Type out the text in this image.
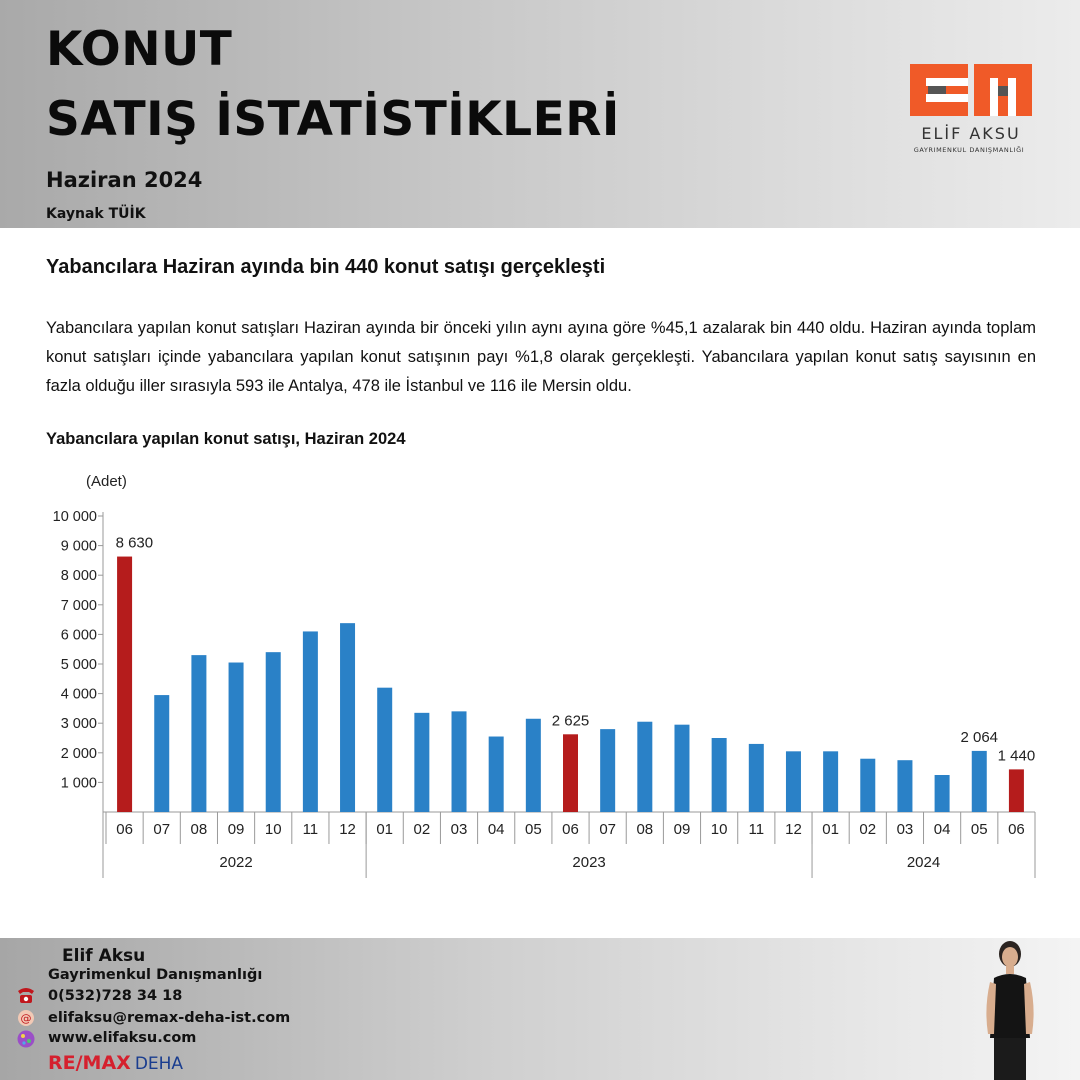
KONUT
SATIŞ İSTATİSTİKLERİ
Haziran 2024
Kaynak TÜİK
ELİF AKSU
GAYRIMENKUL DANIŞMANLIĞI
Yabancılara Haziran ayında bin 440 konut satışı gerçekleşti
Yabancılara yapılan konut satışları Haziran ayında bir önceki yılın aynı ayına göre %45,1 azalarak bin 440 oldu. Haziran ayında toplam konut satışları içinde yabancılara yapılan konut satışının payı %1,8 olarak gerçekleşti. Yabancılara yapılan konut satış sayısının en fazla olduğu iller sırasıyla 593 ile Antalya, 478 ile İstanbul ve 116 ile Mersin oldu.
Yabancılara yapılan konut satışı, Haziran 2024
(Adet)
1 000
2 000
3 000
4 000
5 000
6 000
7 000
8 000
9 000
10 000
8 630
2 625
2 064
1 440
06 07 08 09 10 11 12 01 02 03 04 05 06 07 08 09 10 11 12 01 02 03 04 05 06
2022	2023	2024
Elif Aksu
Gayrimenkul Danışmanlığı
0(532)728 34 18
@ elifaksu@remax-deha-ist.com
www.elifaksu.com
RE/MAX DEHA
